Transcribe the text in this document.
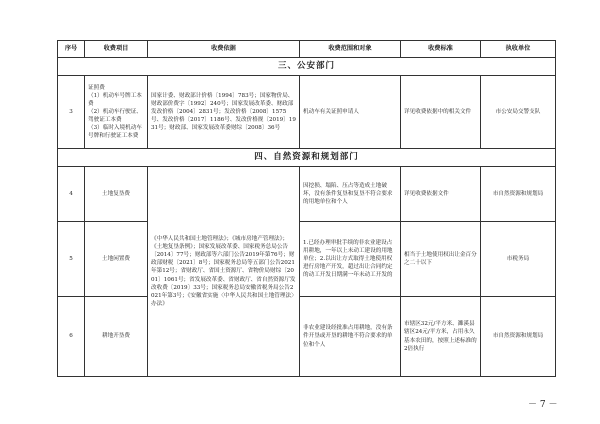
序号	收费项目	收费依据	收费范围和对象	收费标准	执收单位
三、公安部门					
3	证照费
（1）机动车号牌工本费
（2）机动车行驶证、驾驶证工本费
（3）临时入境机动车号牌和行驶证工本费	国家计委、财政部计价格〔1994〕783号；国家物价局、财政部价费字〔1992〕240号；国家发展改革委、财政部发改价格〔2004〕2831号；发改价格〔2008〕1575号、发改价格〔2017〕1186号、发改价格规〔2019〕1931号；财政部、国家发展改革委财综〔2008〕36号	机动车有关证照申请人	详见收费依据中的相关文件	市公安局交警支队
四、自然资源和规划部门					
4	土地复垦费	《中华人民共和国土地管理法》；《城市房地产管理法》；《土地复垦条例》；国家发展改革委、国家税务总局公告〔2014〕77号；财政部等六部门公告2019年第76号；财政部财税〔2021〕8号；国家税务总局等五部门公告2021年第12号；省财政厅、省国土资源厅、省物价局财综〔2001〕1061号；省发展改革委、省财政厅、省自然资源厅发改收费〔2019〕33号；国家税务总局安徽省税务局公告2021年第3号；《安徽省实施〈中华人民共和国土地管理法〉办法》	因挖损、塌陷、压占等造成土地破坏，没有条件复垦和复垦不符合要求的用地单位和个人	详见收费依据文件	市自然资源和规划局
5	土地闲置费		1.已经办理审批手续的非农业建设占用耕地，一年以上未动工建设的用地单位；2.以出让方式取得土地使用权进行房地产开发，超过出让合同约定的动工开发日期满一年未动工开发的	相当于土地使用权出让金百分之二十以下	市税务局
6	耕地开垦费		非农业建设经批准占用耕地，没有条件开垦或开垦的耕地不符合要求的单位和个人	市辖区32元/平方米、濉溪县辖区24元/平方米，占用永久基本农田的，按照上述标准的2倍执行	市自然资源和规划局
－ 7 －
